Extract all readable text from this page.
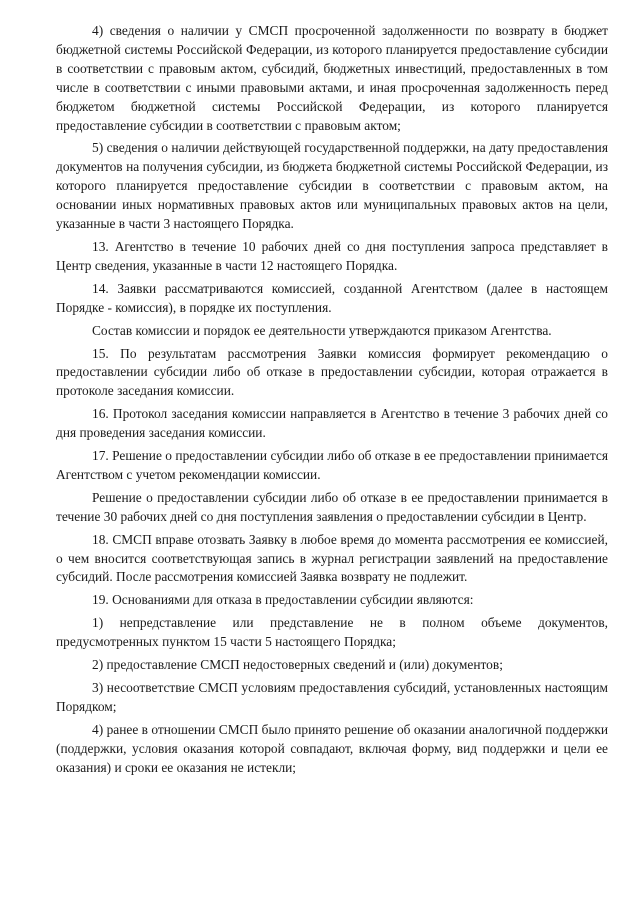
4) сведения о наличии у СМСП просроченной задолженности по возврату в бюджет бюджетной системы Российской Федерации, из которого планируется предоставление субсидии в соответствии с правовым актом, субсидий, бюджетных инвестиций, предоставленных в том числе в соответствии с иными правовыми актами, и иная просроченная задолженность перед бюджетом бюджетной системы Российской Федерации, из которого планируется предоставление субсидии в соответствии с правовым актом;

5) сведения о наличии действующей государственной поддержки, на дату предоставления документов на получения субсидии, из бюджета бюджетной системы Российской Федерации, из которого планируется предоставление субсидии в соответствии с правовым актом, на основании иных нормативных правовых актов или муниципальных правовых актов на цели, указанные в части 3 настоящего Порядка.

13. Агентство в течение 10 рабочих дней со дня поступления запроса представляет в Центр сведения, указанные в части 12 настоящего Порядка.

14. Заявки рассматриваются комиссией, созданной Агентством (далее в настоящем Порядке - комиссия), в порядке их поступления.

Состав комиссии и порядок ее деятельности утверждаются приказом Агентства.

15. По результатам рассмотрения Заявки комиссия формирует рекомендацию о предоставлении субсидии либо об отказе в предоставлении субсидии, которая отражается в протоколе заседания комиссии.

16. Протокол заседания комиссии направляется в Агентство в течение 3 рабочих дней со дня проведения заседания комиссии.

17. Решение о предоставлении субсидии либо об отказе в ее предоставлении принимается Агентством с учетом рекомендации комиссии.

Решение о предоставлении субсидии либо об отказе в ее предоставлении принимается в течение 30 рабочих дней со дня поступления заявления о предоставлении субсидии в Центр.

18. СМСП вправе отозвать Заявку в любое время до момента рассмотрения ее комиссией, о чем вносится соответствующая запись в журнал регистрации заявлений на предоставление субсидий. После рассмотрения комиссией Заявка возврату не подлежит.

19. Основаниями для отказа в предоставлении субсидии являются:

1) непредставление или представление не в полном объеме документов, предусмотренных пунктом 15 части 5 настоящего Порядка;

2) предоставление СМСП недостоверных сведений и (или) документов;

3) несоответствие СМСП условиям предоставления субсидий, установленных настоящим Порядком;

4) ранее в отношении СМСП было принято решение об оказании аналогичной поддержки (поддержки, условия оказания которой совпадают, включая форму, вид поддержки и цели ее оказания) и сроки ее оказания не истекли;
